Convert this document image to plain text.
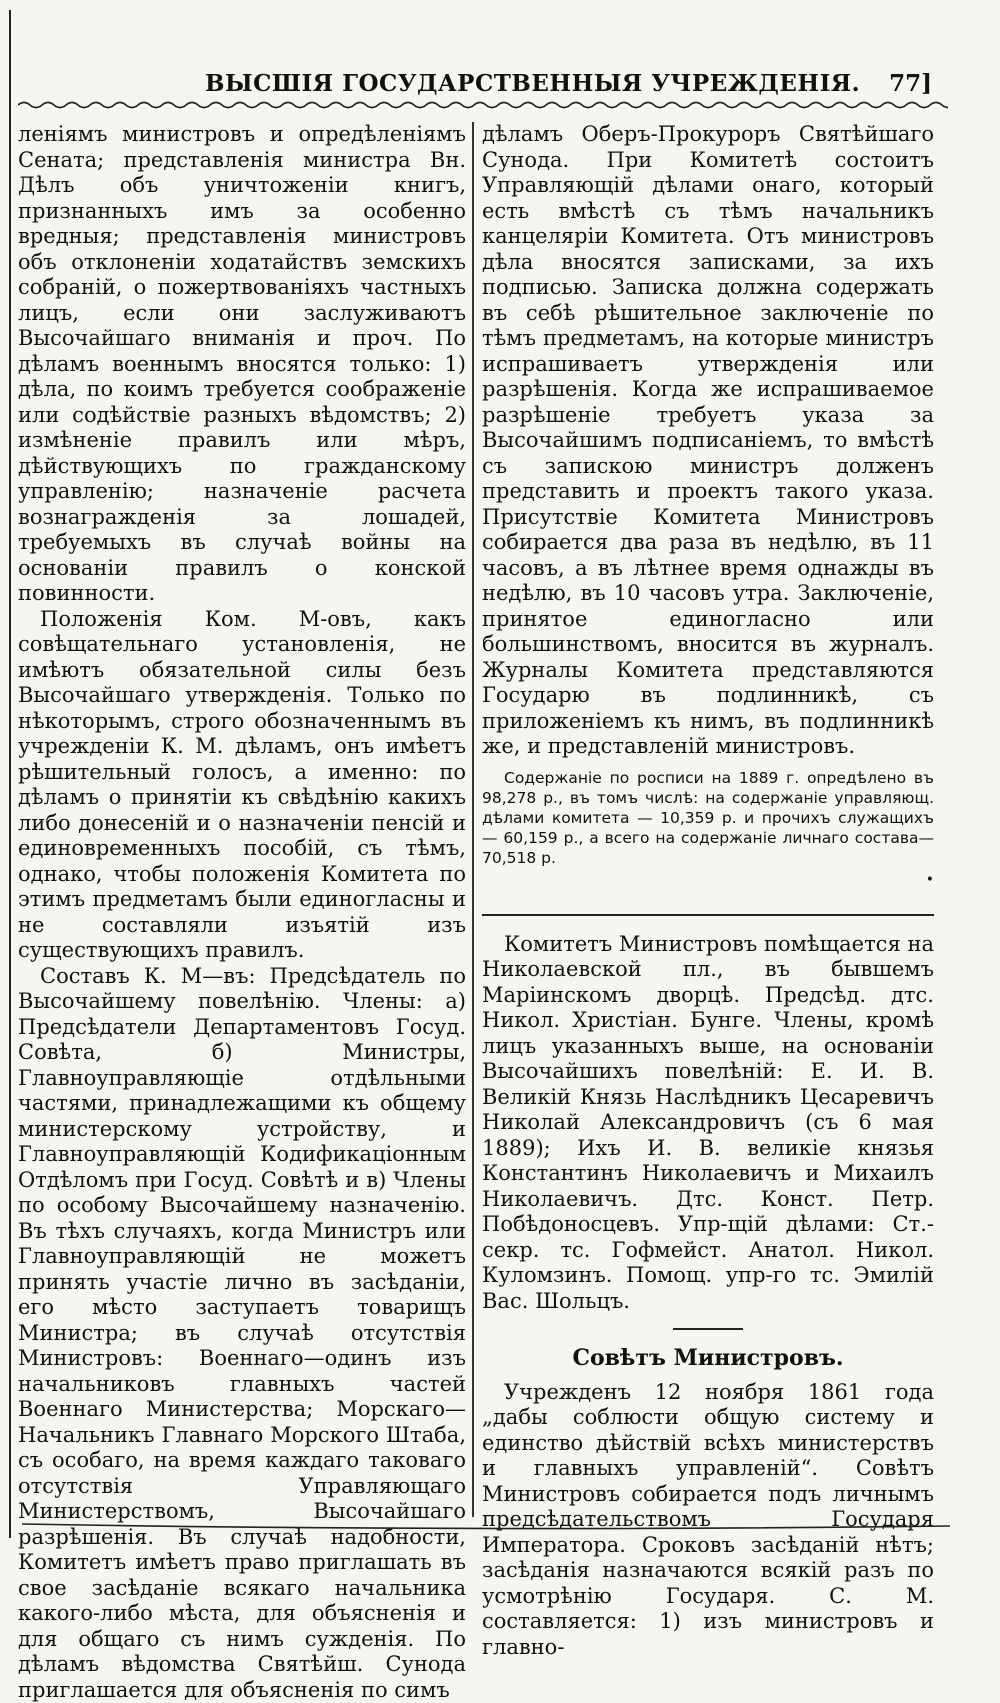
ВЫСШІЯ ГОСУДАРСТВЕННЫЯ УЧРЕЖДЕНІЯ. 77]

леніямъ министровъ и опредѣленіямъ Сената; представленія министра Вн. Дѣлъ объ уничтоженіи книгъ, признанныхъ имъ за особенно вредныя; представленія министровъ объ отклоненіи ходатайствъ земскихъ собраній, о пожертвованіяхъ частныхъ лицъ, если они заслуживаютъ Высочайшаго вниманія и проч. По дѣламъ военнымъ вносятся только: 1) дѣла, по коимъ требуется соображеніе или содѣйствіе разныхъ вѣдомствъ; 2) измѣненіе правилъ или мѣръ, дѣйствующихъ по гражданскому управленію; назначеніе расчета вознагражденія за лошадей, требуемыхъ въ случаѣ войны на основаніи правилъ о конской повинности.

Положенія Ком. М-овъ, какъ совѣщательнаго установленія, не имѣютъ обязательной силы безъ Высочайшаго утвержденія. Только по нѣкоторымъ, строго обозначеннымъ въ учрежденіи К. М. дѣламъ, онъ имѣетъ рѣшительный голосъ, а именно: по дѣламъ о принятіи къ свѣдѣнію какихъ либо донесеній и о назначеніи пенсій и единовременныхъ пособій, съ тѣмъ, однако, чтобы положенія Комитета по этимъ предметамъ были единогласны и не составляли изъятій изъ существующихъ правилъ.

Составъ К. М—въ: Предсѣдатель по Высочайшему повелѣнію. Члены: а) Предсѣдатели Департаментовъ Госуд. Совѣта, б) Министры, Главноуправляющіе отдѣльными частями, принадлежащими къ общему министерскому устройству, и Главноуправляющій Кодификаціонным Отдѣломъ при Госуд. Совѣтѣ и в) Члены по особому Высочайшему назначенію. Въ тѣхъ случаяхъ, когда Министръ или Главноуправляющій не можетъ принять участіе лично въ засѣданіи, его мѣсто заступаетъ товарищъ Министра; въ случаѣ отсутствія Министровъ: Военнаго—одинъ изъ начальниковъ главныхъ частей Военнаго Министерства; Морскаго—Начальникъ Главнаго Морского Штаба, съ особаго, на время каждаго таковаго отсутствія Управляющаго Министерствомъ, Высочайшаго разрѣшенія. Въ случаѣ надобности, Комитетъ имѣетъ право приглашать въ свое засѣданіе всякаго начальника какого-либо мѣста, для объясненія и для общаго съ нимъ сужденія. По дѣламъ вѣдомства Святѣйш. Сунода приглашается для объясненія по симъ

дѣламъ Оберъ-Прокуроръ Святѣйшаго Сунода. При Комитетѣ состоитъ Управляющій дѣлами онаго, который есть вмѣстѣ съ тѣмъ начальникъ канцеляріи Комитета. Отъ министровъ дѣла вносятся записками, за ихъ подписью. Записка должна содержать въ себѣ рѣшительное заключеніе по тѣмъ предметамъ, на которые министръ испрашиваетъ утвержденія или разрѣшенія. Когда же испрашиваемое разрѣшеніе требуетъ указа за Высочайшимъ подписаніемъ, то вмѣстѣ съ запискою министръ долженъ представить и проектъ такого указа. Присутствіе Комитета Министровъ собирается два раза въ недѣлю, въ 11 часовъ, а въ лѣтнее время однажды въ недѣлю, въ 10 часовъ утра. Заключеніе, принятое единогласно или большинствомъ, вносится въ журналъ. Журналы Комитета представляются Государю въ подлинникѣ, съ приложеніемъ къ нимъ, въ подлинникѣ же, и представленій министровъ.

Содержаніе по росписи на 1889 г. опредѣлено въ 98,278 р., въ томъ числѣ: на содержаніе управляющ. дѣлами комитета — 10,359 р. и прочихъ служащихъ — 60,159 р., а всего на содержаніе личнаго состава—70,518 р.

•

Комитетъ Министровъ помѣщается на Николаевской пл., въ бывшемъ Маріинскомъ дворцѣ. Предсѣд. дтс. Никол. Христіан. Бунге. Члены, кромѣ лицъ указанныхъ выше, на основаніи Высочайшихъ повелѣній: Е. И. В. Великій Князь Наслѣдникъ Цесаревичъ Николай Александровичъ (съ 6 мая 1889); Ихъ И. В. великіе князья Константинъ Николаевичъ и Михаилъ Николаевичъ. Дтс. Конст. Петр. Побѣдоносцевъ. Упр-щій дѣлами: Ст.-секр. тс. Гофмейст. Анатол. Никол. Куломзинъ. Помощ. упр-го тс. Эмилій Вас. Шольцъ.

Совѣтъ Министровъ.

Учрежденъ 12 ноября 1861 года „дабы соблюсти общую систему и единство дѣйствій всѣхъ министерствъ и главныхъ управленій“. Совѣтъ Министровъ собирается подъ личнымъ предсѣдательствомъ Государя Императора. Сроковъ засѣданій нѣтъ; засѣданія назначаются всякій разъ по усмотрѣнію Государя. С. М. составляется: 1) изъ министровъ и главно-
